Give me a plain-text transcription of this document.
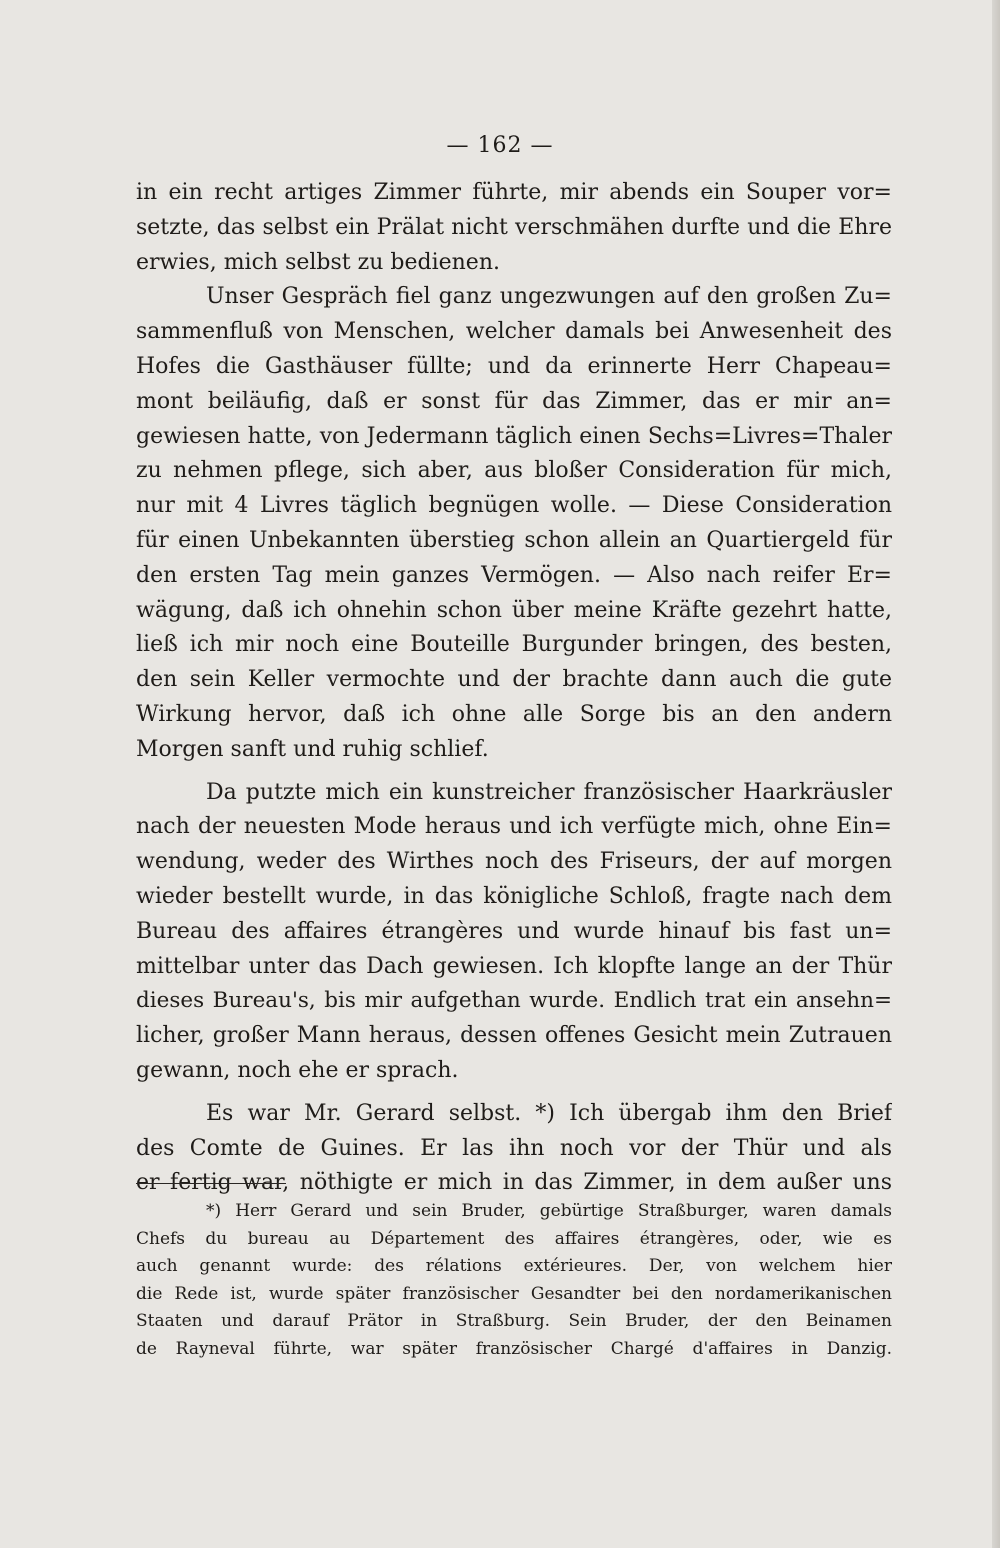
— 162 —
in ein recht artiges Zimmer führte, mir abends ein Souper vor=
setzte, das selbst ein Prälat nicht verschmähen durfte und die Ehre
erwies, mich selbst zu bedienen.
Unser Gespräch fiel ganz ungezwungen auf den großen Zu=
sammenfluß von Menschen, welcher damals bei Anwesenheit des
Hofes die Gasthäuser füllte; und da erinnerte Herr Chapeau=
mont beiläufig, daß er sonst für das Zimmer, das er mir an=
gewiesen hatte, von Jedermann täglich einen Sechs=Livres=Thaler
zu nehmen pflege, sich aber, aus bloßer Consideration für mich,
nur mit 4 Livres täglich begnügen wolle. — Diese Consideration
für einen Unbekannten überstieg schon allein an Quartiergeld für
den ersten Tag mein ganzes Vermögen. — Also nach reifer Er=
wägung, daß ich ohnehin schon über meine Kräfte gezehrt hatte,
ließ ich mir noch eine Bouteille Burgunder bringen, des besten,
den sein Keller vermochte und der brachte dann auch die gute
Wirkung hervor, daß ich ohne alle Sorge bis an den andern
Morgen sanft und ruhig schlief.
Da putzte mich ein kunstreicher französischer Haarkräusler
nach der neuesten Mode heraus und ich verfügte mich, ohne Ein=
wendung, weder des Wirthes noch des Friseurs, der auf morgen
wieder bestellt wurde, in das königliche Schloß, fragte nach dem
Bureau des affaires étrangères und wurde hinauf bis fast un=
mittelbar unter das Dach gewiesen. Ich klopfte lange an der Thür
dieses Bureau's, bis mir aufgethan wurde. Endlich trat ein ansehn=
licher, großer Mann heraus, dessen offenes Gesicht mein Zutrauen
gewann, noch ehe er sprach.
Es war Mr. Gerard selbst. *) Ich übergab ihm den Brief
des Comte de Guines. Er las ihn noch vor der Thür und als
er fertig war, nöthigte er mich in das Zimmer, in dem außer uns
*) Herr Gerard und sein Bruder, gebürtige Straßburger, waren damals
Chefs du bureau au Département des affaires étrangères, oder, wie es
auch genannt wurde: des rélations extérieures. Der, von welchem hier
die Rede ist, wurde später französischer Gesandter bei den nordamerikanischen
Staaten und darauf Prätor in Straßburg. Sein Bruder, der den Beinamen
de Rayneval führte, war später französischer Chargé d'affaires in Danzig.
